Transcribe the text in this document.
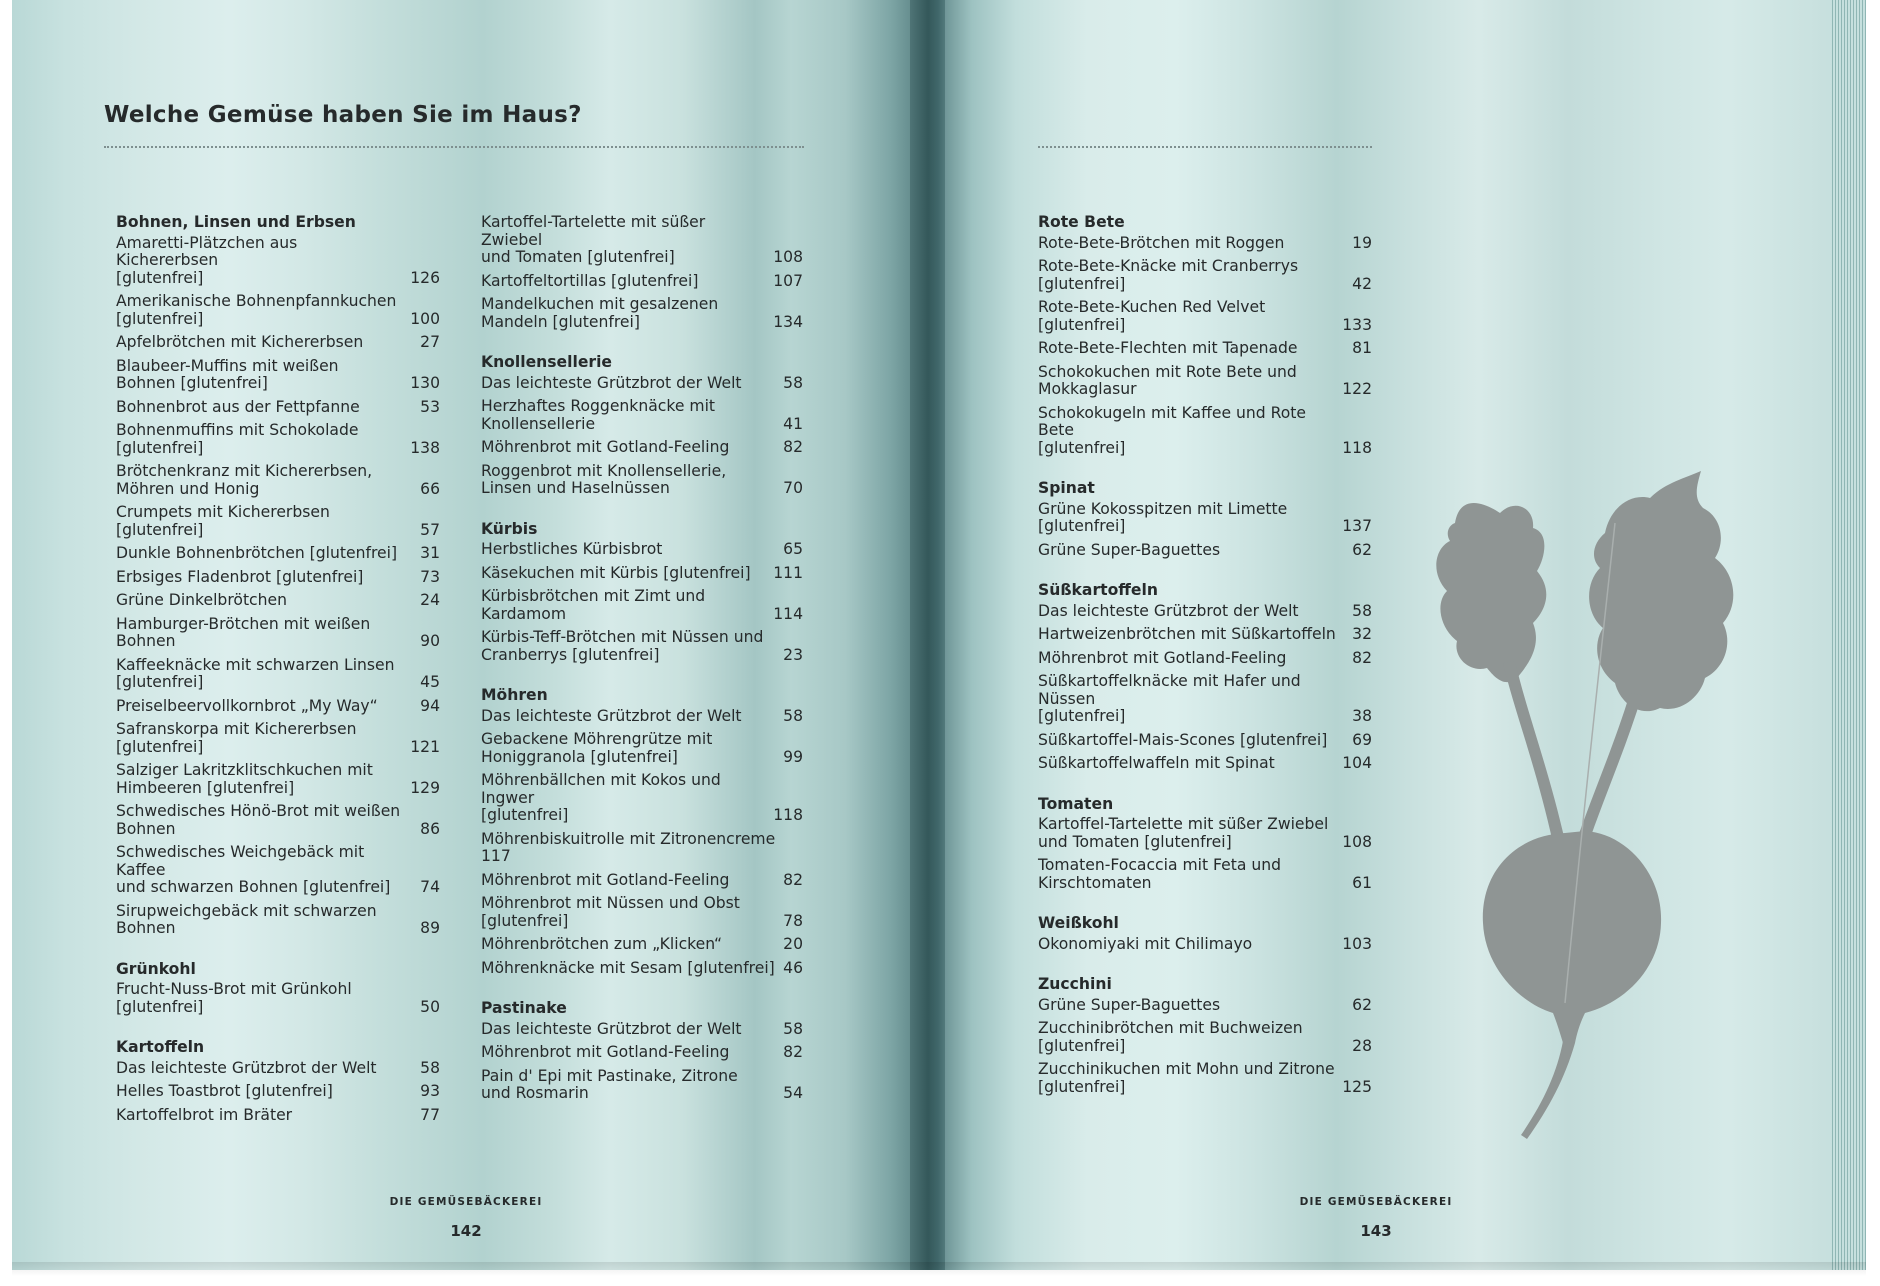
Welche Gemüse haben Sie im Haus?
Bohnen, Linsen und Erbsen
Amaretti-Plätzchen aus Kichererbsen
[glutenfrei]	126
Amerikanische Bohnenpfannkuchen
[glutenfrei]	100
Apfelbrötchen mit Kichererbsen	27
Blaubeer-Muffins mit weißen
Bohnen [glutenfrei]	130
Bohnenbrot aus der Fettpfanne	53
Bohnenmuffins mit Schokolade
[glutenfrei]	138
Brötchenkranz mit Kichererbsen,
Möhren und Honig	66
Crumpets mit Kichererbsen
[glutenfrei]	57
Dunkle Bohnenbrötchen [glutenfrei]	31
Erbsiges Fladenbrot [glutenfrei]	73
Grüne Dinkelbrötchen	24
Hamburger-Brötchen mit weißen
Bohnen	90
Kaffeeknäcke mit schwarzen Linsen
[glutenfrei]	45
Preiselbeervollkornbrot „My Way“	94
Safranskorpa mit Kichererbsen
[glutenfrei]	121
Salziger Lakritzklitschkuchen mit
Himbeeren [glutenfrei]	129
Schwedisches Hönö-Brot mit weißen
Bohnen	86
Schwedisches Weichgebäck mit Kaffee
und schwarzen Bohnen [glutenfrei]	74
Sirupweichgebäck mit schwarzen
Bohnen	89
Grünkohl
Frucht-Nuss-Brot mit Grünkohl
[glutenfrei]	50
Kartoffeln
Das leichteste Grützbrot der Welt	58
Helles Toastbrot [glutenfrei]	93
Kartoffelbrot im Bräter	77
Kartoffel-Tartelette mit süßer Zwiebel
und Tomaten [glutenfrei]	108
Kartoffeltortillas [glutenfrei]	107
Mandelkuchen mit gesalzenen
Mandeln [glutenfrei]	134
Knollensellerie
Das leichteste Grützbrot der Welt	58
Herzhaftes Roggenknäcke mit
Knollensellerie	41
Möhrenbrot mit Gotland-Feeling	82
Roggenbrot mit Knollensellerie,
Linsen und Haselnüssen	70
Kürbis
Herbstliches Kürbisbrot	65
Käsekuchen mit Kürbis [glutenfrei]	111
Kürbisbrötchen mit Zimt und
Kardamom	114
Kürbis-Teff-Brötchen mit Nüssen und
Cranberrys [glutenfrei]	23
Möhren
Das leichteste Grützbrot der Welt	58
Gebackene Möhrengrütze mit
Honiggranola [glutenfrei]	99
Möhrenbällchen mit Kokos und Ingwer
[glutenfrei]	118
Möhrenbiskuitrolle mit Zitronencreme
117
Möhrenbrot mit Gotland-Feeling	82
Möhrenbrot mit Nüssen und Obst
[glutenfrei]	78
Möhrenbrötchen zum „Klicken“	20
Möhrenknäcke mit Sesam [glutenfrei] 46
Pastinake
Das leichteste Grützbrot der Welt	58
Möhrenbrot mit Gotland-Feeling	82
Pain d' Epi mit Pastinake, Zitrone
und Rosmarin	54
Rote Bete
Rote-Bete-Brötchen mit Roggen	19
Rote-Bete-Knäcke mit Cranberrys
[glutenfrei]	42
Rote-Bete-Kuchen Red Velvet
[glutenfrei]	133
Rote-Bete-Flechten mit Tapenade	81
Schokokuchen mit Rote Bete und
Mokkaglasur	122
Schokokugeln mit Kaffee und Rote Bete
[glutenfrei]	118
Spinat
Grüne Kokosspitzen mit Limette
[glutenfrei]	137
Grüne Super-Baguettes	62
Süßkartoffeln
Das leichteste Grützbrot der Welt	58
Hartweizenbrötchen mit Süßkartoffeln	32
Möhrenbrot mit Gotland-Feeling	82
Süßkartoffelknäcke mit Hafer und Nüssen
[glutenfrei]	38
Süßkartoffel-Mais-Scones [glutenfrei]	69
Süßkartoffelwaffeln mit Spinat	104
Tomaten
Kartoffel-Tartelette mit süßer Zwiebel
und Tomaten [glutenfrei]	108
Tomaten-Focaccia mit Feta und
Kirschtomaten	61
Weißkohl
Okonomiyaki mit Chilimayo	103
Zucchini
Grüne Super-Baguettes	62
Zucchinibrötchen mit Buchweizen
[glutenfrei]	28
Zucchinikuchen mit Mohn und Zitrone
[glutenfrei]	125
DIE GEMÜSEBÄCKEREI
142
DIE GEMÜSEBÄCKEREI
143
